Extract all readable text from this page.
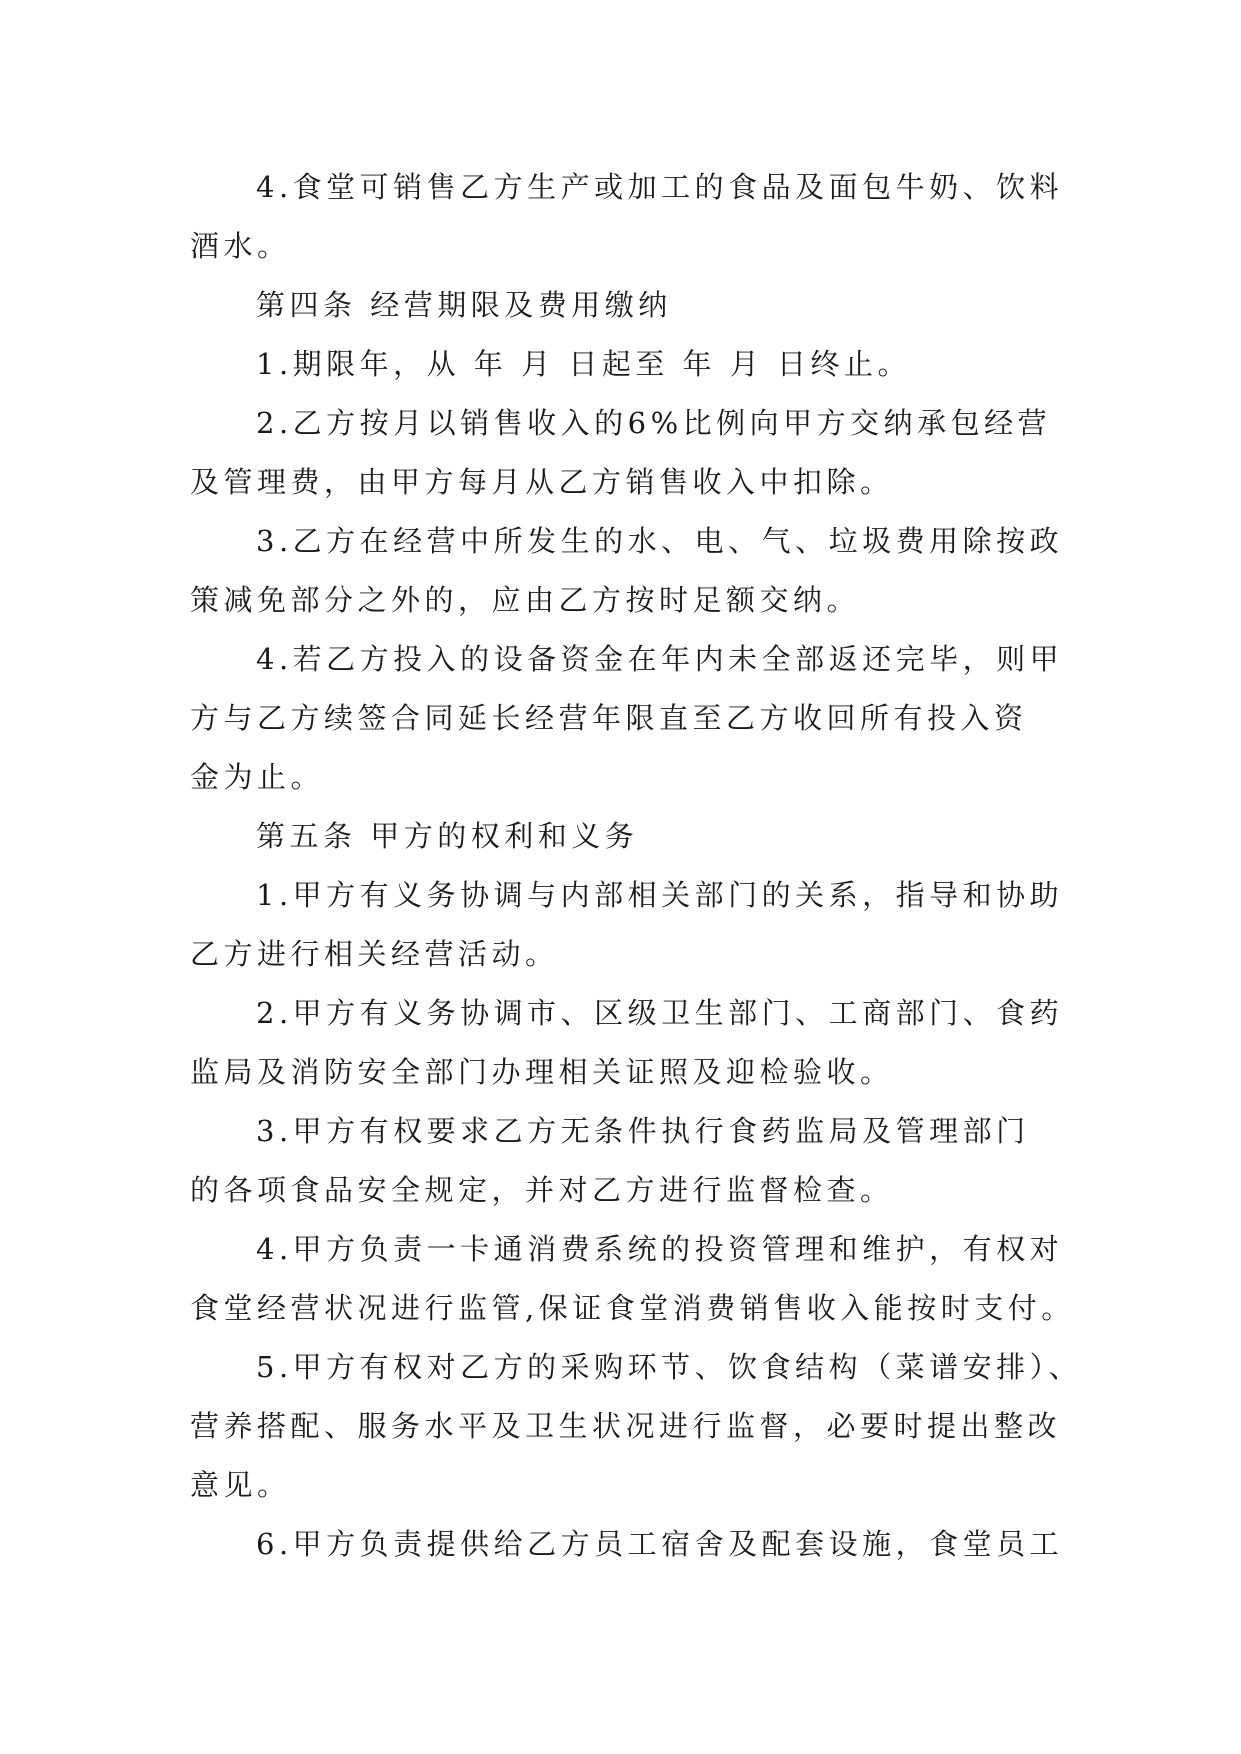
4.食堂可销售乙方生产或加工的食品及面包牛奶、饮料
酒水。
第四条 经营期限及费用缴纳
1.期限年，从 年 月 日起至 年 月 日终止。
2.乙方按月以销售收入的6%比例向甲方交纳承包经营
及管理费，由甲方每月从乙方销售收入中扣除。
3.乙方在经营中所发生的水、电、气、垃圾费用除按政
策减免部分之外的，应由乙方按时足额交纳。
4.若乙方投入的设备资金在年内未全部返还完毕，则甲
方与乙方续签合同延长经营年限直至乙方收回所有投入资
金为止。
第五条 甲方的权利和义务
1.甲方有义务协调与内部相关部门的关系，指导和协助
乙方进行相关经营活动。
2.甲方有义务协调市、区级卫生部门、工商部门、食药
监局及消防安全部门办理相关证照及迎检验收。
3.甲方有权要求乙方无条件执行食药监局及管理部门
的各项食品安全规定，并对乙方进行监督检查。
4.甲方负责一卡通消费系统的投资管理和维护，有权对
食堂经营状况进行监管,保证食堂消费销售收入能按时支付。
5.甲方有权对乙方的采购环节、饮食结构（菜谱安排）、
营养搭配、服务水平及卫生状况进行监督，必要时提出整改
意见。
6.甲方负责提供给乙方员工宿舍及配套设施，食堂员工
